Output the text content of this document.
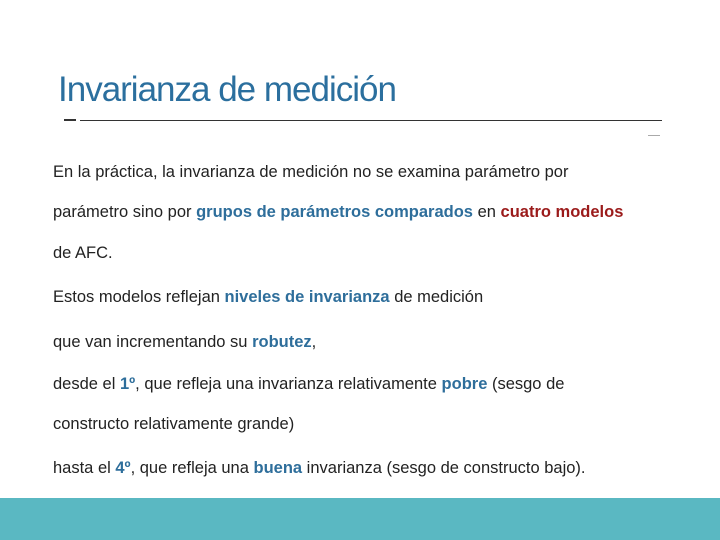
Invarianza de medición
En la práctica, la invarianza de medición no se examina parámetro por
parámetro sino por grupos de parámetros comparados en cuatro modelos
de AFC.
Estos modelos reflejan niveles de invarianza de medición
que van incrementando su robutez,
desde el 1º, que refleja una invarianza relativamente pobre (sesgo de
constructo relativamente grande)
hasta el 4º, que refleja una buena invarianza (sesgo de constructo bajo).
